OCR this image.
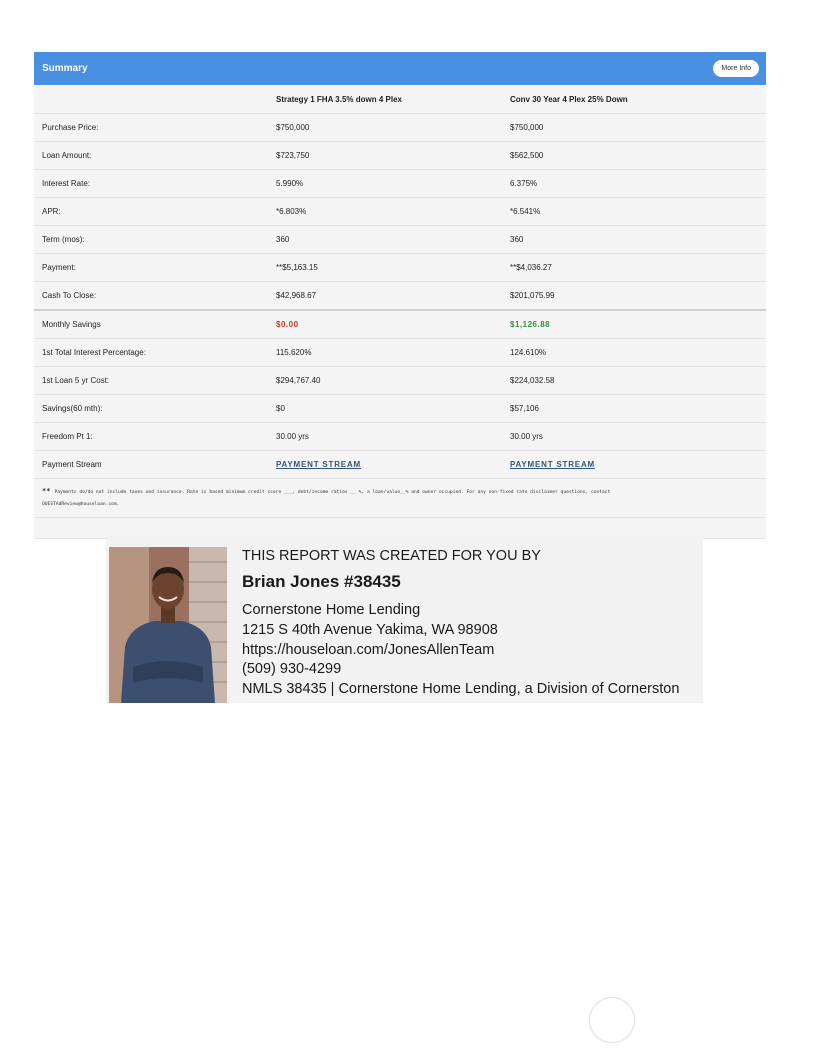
Summary	More Info
	Strategy 1 FHA 3.5% down 4 Plex	Conv 30 Year 4 Plex 25% Down
Purchase Price:	$750,000	$750,000
Loan Amount:	$723,750	$562,500
Interest Rate:	5.990%	6.375%
APR:	*6.803%	*6.541%
Term (mos):	360	360
Payment:	**$5,163.15	**$4,036.27
Cash To Close:	$42,968.67	$201,075.99
Monthly Savings	$0.00	$1,126.88
1st Total Interest Percentage:	115.620%	124.610%
1st Loan 5 yr Cost:	$294,767.40	$224,032.58
Savings(60 mth):	$0	$57,106
Freedom Pt 1:	30.00 yrs	30.00 yrs
Payment Stream	PAYMENT STREAM	PAYMENT STREAM
** Payments do/do not include taxes and insurance. Rate is based minimum credit score ___, debt/income ratios __ %, a loan/value__% and owner occupied. For any non-fixed rate disclaimer questions, contact
QUESTAdReview@houseloan.com.
THIS REPORT WAS CREATED FOR YOU BY
Brian Jones #38435
Cornerstone Home Lending
1215 S 40th Avenue Yakima, WA 98908
https://houseloan.com/JonesAllenTeam
(509) 930-4299
NMLS 38435 | Cornerstone Home Lending, a Division of Cornerston
